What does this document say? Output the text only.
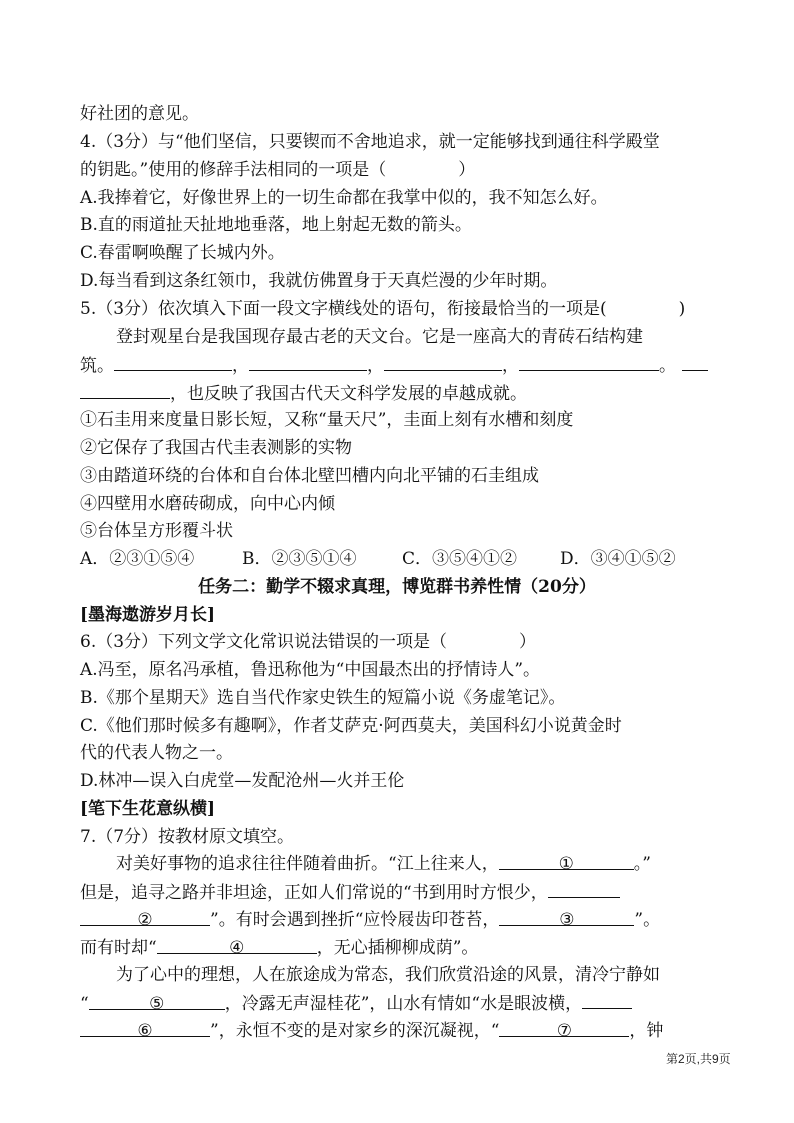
好社团的意见。
4.（3分）与“他们坚信，只要锲而不舍地追求，就一定能够找到通往科学殿堂
的钥匙。”使用的修辞手法相同的一项是（	）
A.我捧着它，好像世界上的一切生命都在我掌中似的，我不知怎么好。
B.直的雨道扯天扯地地垂落，地上射起无数的箭头。
C.春雷啊唤醒了长城内外。
D.每当看到这条红领巾，我就仿佛置身于天真烂漫的少年时期。
5.（3分）依次填入下面一段文字横线处的语句，衔接最恰当的一项是(	)
登封观星台是我国现存最古老的天文台。它是一座高大的青砖石结构建
筑。	，	，	，	。
，也反映了我国古代天文科学发展的卓越成就。
①石圭用来度量日影长短，又称“量天尺”，圭面上刻有水槽和刻度
②它保存了我国古代圭表测影的实物
③由踏道环绕的台体和自台体北壁凹槽内向北平铺的石圭组成
④四壁用水磨砖砌成，向中心内倾
⑤台体呈方形覆斗状
A．②③①⑤④	B．②③⑤①④	C．③⑤④①②	D．③④①⑤②
任务二：勤学不辍求真理，博览群书养性情（20分）
[墨海遨游岁月长]
6.（3分）下列文学文化常识说法错误的一项是（	）
A.冯至，原名冯承植，鲁迅称他为“中国最杰出的抒情诗人”。
B.《那个星期天》选自当代作家史铁生的短篇小说《务虚笔记》。
C.《他们那时候多有趣啊》，作者艾萨克·阿西莫夫，美国科幻小说黄金时
代的代表人物之一。
D.林冲—误入白虎堂—发配沧州—火并王伦
[笔下生花意纵横]
7.（7分）按教材原文填空。
对美好事物的追求往往伴随着曲折。“江上往来人，	①	。”
但是，追寻之路并非坦途，正如人们常说的“书到用时方恨少，
②	”。有时会遇到挫折“应怜屐齿印苍苔，	③	”。
而有时却“	④	，无心插柳柳成荫”。
为了心中的理想，人在旅途成为常态，我们欣赏沿途的风景，清冷宁静如
“	⑤	，冷露无声湿桂花”，山水有情如“水是眼波横，
⑥	”，永恒不变的是对家乡的深沉凝视，“	⑦	，钟
第2页,共9页
